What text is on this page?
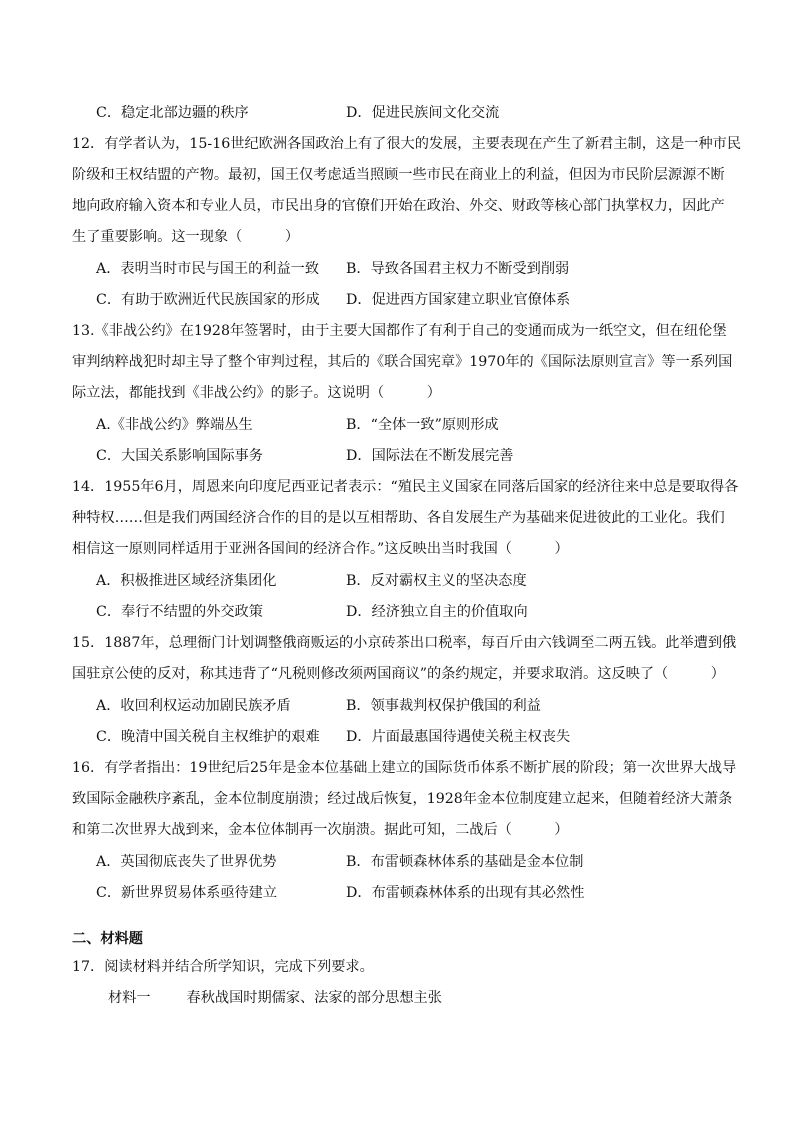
C．稳定北部边疆的秩序	D．促进民族间文化交流
12．有学者认为，15-16世纪欧洲各国政治上有了很大的发展，主要表现在产生了新君主制，这是一种市民
阶级和王权结盟的产物。最初，国王仅考虑适当照顾一些市民在商业上的利益，但因为市民阶层源源不断
地向政府输入资本和专业人员，市民出身的官僚们开始在政治、外交、财政等核心部门执掌权力，因此产
生了重要影响。这一现象（　　　）
A．表明当时市民与国王的利益一致 B．导致各国君主权力不断受到削弱
C．有助于欧洲近代民族国家的形成 D．促进西方国家建立职业官僚体系
13.《非战公约》在1928年签署时，由于主要大国都作了有利于自己的变通而成为一纸空文，但在纽伦堡
审判纳粹战犯时却主导了整个审判过程，其后的《联合国宪章》1970年的《国际法原则宣言》等一系列国
际立法，都能找到《非战公约》的影子。这说明（　　　）
A.《非战公约》弊端丛生	B．“全体一致”原则形成
C．大国关系影响国际事务	D．国际法在不断发展完善
14．1955年6月，周恩来向印度尼西亚记者表示：“殖民主义国家在同落后国家的经济往来中总是要取得各
种特权……但是我们两国经济合作的目的是以互相帮助、各自发展生产为基础来促进彼此的工业化。我们
相信这一原则同样适用于亚洲各国间的经济合作。”这反映出当时我国（　　　）
A．积极推进区域经济集团化	B．反对霸权主义的坚决态度
C．奉行不结盟的外交政策	D．经济独立自主的价值取向
15．1887年，总理衙门计划调整俄商贩运的小京砖茶出口税率，每百斤由六钱调至二两五钱。此举遭到俄
国驻京公使的反对，称其违背了“凡税则修改须两国商议”的条约规定，并要求取消。这反映了（　　　）
A．收回利权运动加剧民族矛盾	B．领事裁判权保护俄国的利益
C．晚清中国关税自主权维护的艰难 D．片面最惠国待遇使关税主权丧失
16．有学者指出：19世纪后25年是金本位基础上建立的国际货币体系不断扩展的阶段；第一次世界大战导
致国际金融秩序紊乱，金本位制度崩溃；经过战后恢复，1928年金本位制度建立起来，但随着经济大萧条
和第二次世界大战到来，金本位体制再一次崩溃。据此可知，二战后（　　　）
A．英国彻底丧失了世界优势	B．布雷顿森林体系的基础是金本位制
C．新世界贸易体系亟待建立	D．布雷顿森林体系的出现有其必然性
二、材料题
17．阅读材料并结合所学知识，完成下列要求。
材料一	春秋战国时期儒家、法家的部分思想主张
